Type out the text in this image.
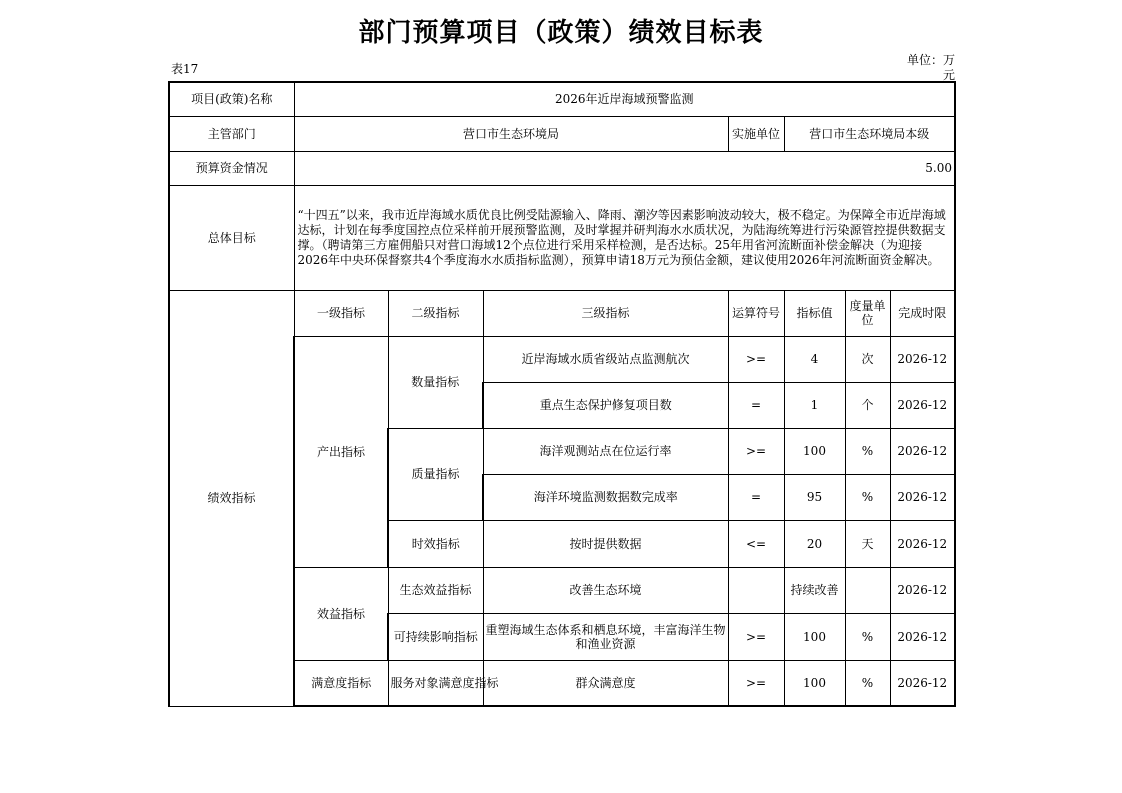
部门预算项目（政策）绩效目标表
表17
单位：万
元
项目(政策)名称	2026年近岸海域预警监测						
主管部门	营口市生态环境局			实施单位	营口市生态环境局本级		
预算资金情况	5.00						
总体目标	“十四五”以来，我市近岸海域水质优良比例受陆源输入、降雨、潮汐等因素影响波动较大，极不稳定。为保障全市近岸海域达标，计划在每季度国控点位采样前开展预警监测，及时掌握并研判海水水质状况，为陆海统筹进行污染源管控提供数据支撑。（聘请第三方雇佣船只对营口海域12个点位进行采用采样检测，是否达标。25年用省河流断面补偿金解决（为迎接2026年中央环保督察共4个季度海水水质指标监测），预算申请18万元为预估金额，建议使用2026年河流断面资金解决。						
绩效指标	一级指标	二级指标	三级指标	运算符号	指标值	度量单位	完成时限
	产出指标	数量指标	近岸海域水质省级站点监测航次	>=	4	次	2026-12
			重点生态保护修复项目数	=	1	个	2026-12
		质量指标	海洋观测站点在位运行率	>=	100	%	2026-12
			海洋环境监测数据数完成率	=	95	%	2026-12
		时效指标	按时提供数据	<=	20	天	2026-12
	效益指标	生态效益指标	改善生态环境		持续改善		2026-12
		可持续影响指标	重塑海域生态体系和栖息环境，丰富海洋生物和渔业资源	>=	100	%	2026-12
	满意度指标	服务对象满意度指标	群众满意度	>=	100	%	2026-12
